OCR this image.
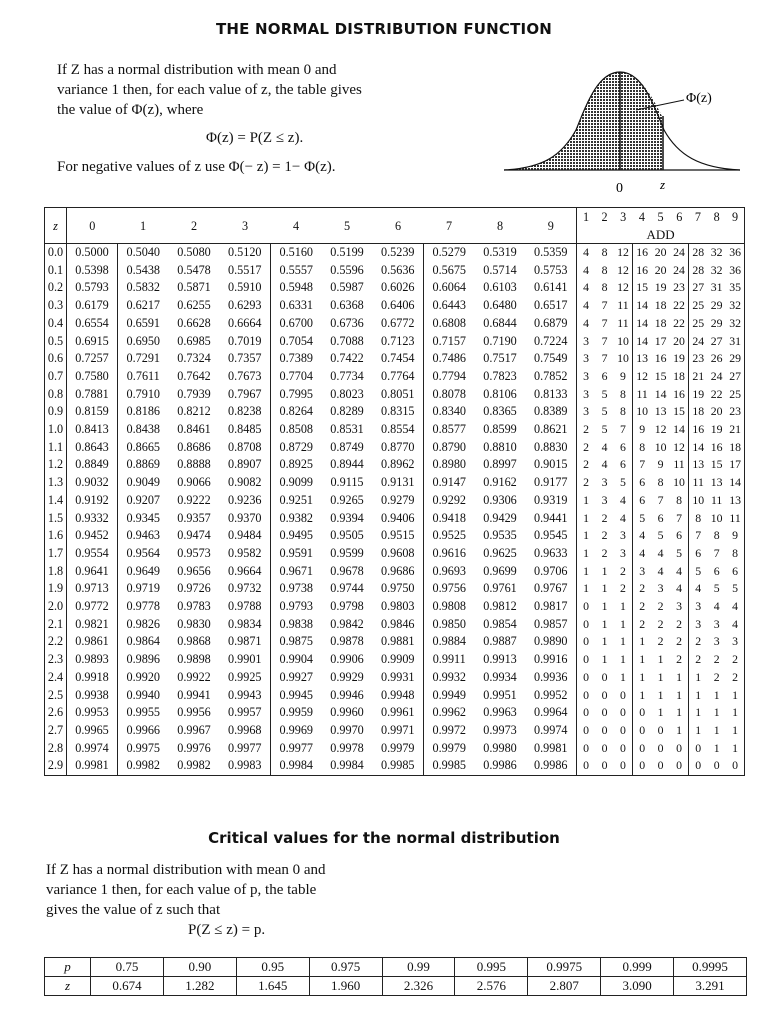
THE NORMAL DISTRIBUTION FUNCTION
If Z has a normal distribution with mean 0 and
variance 1 then, for each value of z, the table gives
the value of Φ(z), where
Φ(z) = P(Z ≤ z).
For negative values of z use Φ(− z) = 1− Φ(z).
Φ(z)
0	z
z	0	1	2	3	4	5	6	7	8	9	1	2	3	4	5	6	7	8	9
											ADD								
0.0	0.5000	0.5040	0.5080	0.5120	0.5160	0.5199	0.5239	0.5279	0.5319	0.5359	4	8	12	16	20	24	28	32	36
0.1	0.5398	0.5438	0.5478	0.5517	0.5557	0.5596	0.5636	0.5675	0.5714	0.5753	4	8	12	16	20	24	28	32	36
0.2	0.5793	0.5832	0.5871	0.5910	0.5948	0.5987	0.6026	0.6064	0.6103	0.6141	4	8	12	15	19	23	27	31	35
0.3	0.6179	0.6217	0.6255	0.6293	0.6331	0.6368	0.6406	0.6443	0.6480	0.6517	4	7	11	14	18	22	25	29	32
0.4	0.6554	0.6591	0.6628	0.6664	0.6700	0.6736	0.6772	0.6808	0.6844	0.6879	4	7	11	14	18	22	25	29	32
0.5	0.6915	0.6950	0.6985	0.7019	0.7054	0.7088	0.7123	0.7157	0.7190	0.7224	3	7	10	14	17	20	24	27	31
0.6	0.7257	0.7291	0.7324	0.7357	0.7389	0.7422	0.7454	0.7486	0.7517	0.7549	3	7	10	13	16	19	23	26	29
0.7	0.7580	0.7611	0.7642	0.7673	0.7704	0.7734	0.7764	0.7794	0.7823	0.7852	3	6	9	12	15	18	21	24	27
0.8	0.7881	0.7910	0.7939	0.7967	0.7995	0.8023	0.8051	0.8078	0.8106	0.8133	3	5	8	11	14	16	19	22	25
0.9	0.8159	0.8186	0.8212	0.8238	0.8264	0.8289	0.8315	0.8340	0.8365	0.8389	3	5	8	10	13	15	18	20	23
1.0	0.8413	0.8438	0.8461	0.8485	0.8508	0.8531	0.8554	0.8577	0.8599	0.8621	2	5	7	9	12	14	16	19	21
1.1	0.8643	0.8665	0.8686	0.8708	0.8729	0.8749	0.8770	0.8790	0.8810	0.8830	2	4	6	8	10	12	14	16	18
1.2	0.8849	0.8869	0.8888	0.8907	0.8925	0.8944	0.8962	0.8980	0.8997	0.9015	2	4	6	7	9	11	13	15	17
1.3	0.9032	0.9049	0.9066	0.9082	0.9099	0.9115	0.9131	0.9147	0.9162	0.9177	2	3	5	6	8	10	11	13	14
1.4	0.9192	0.9207	0.9222	0.9236	0.9251	0.9265	0.9279	0.9292	0.9306	0.9319	1	3	4	6	7	8	10	11	13
1.5	0.9332	0.9345	0.9357	0.9370	0.9382	0.9394	0.9406	0.9418	0.9429	0.9441	1	2	4	5	6	7	8	10	11
1.6	0.9452	0.9463	0.9474	0.9484	0.9495	0.9505	0.9515	0.9525	0.9535	0.9545	1	2	3	4	5	6	7	8	9
1.7	0.9554	0.9564	0.9573	0.9582	0.9591	0.9599	0.9608	0.9616	0.9625	0.9633	1	2	3	4	4	5	6	7	8
1.8	0.9641	0.9649	0.9656	0.9664	0.9671	0.9678	0.9686	0.9693	0.9699	0.9706	1	1	2	3	4	4	5	6	6
1.9	0.9713	0.9719	0.9726	0.9732	0.9738	0.9744	0.9750	0.9756	0.9761	0.9767	1	1	2	2	3	4	4	5	5
2.0	0.9772	0.9778	0.9783	0.9788	0.9793	0.9798	0.9803	0.9808	0.9812	0.9817	0	1	1	2	2	3	3	4	4
2.1	0.9821	0.9826	0.9830	0.9834	0.9838	0.9842	0.9846	0.9850	0.9854	0.9857	0	1	1	2	2	2	3	3	4
2.2	0.9861	0.9864	0.9868	0.9871	0.9875	0.9878	0.9881	0.9884	0.9887	0.9890	0	1	1	1	2	2	2	3	3
2.3	0.9893	0.9896	0.9898	0.9901	0.9904	0.9906	0.9909	0.9911	0.9913	0.9916	0	1	1	1	1	2	2	2	2
2.4	0.9918	0.9920	0.9922	0.9925	0.9927	0.9929	0.9931	0.9932	0.9934	0.9936	0	0	1	1	1	1	1	2	2
2.5	0.9938	0.9940	0.9941	0.9943	0.9945	0.9946	0.9948	0.9949	0.9951	0.9952	0	0	0	1	1	1	1	1	1
2.6	0.9953	0.9955	0.9956	0.9957	0.9959	0.9960	0.9961	0.9962	0.9963	0.9964	0	0	0	0	1	1	1	1	1
2.7	0.9965	0.9966	0.9967	0.9968	0.9969	0.9970	0.9971	0.9972	0.9973	0.9974	0	0	0	0	0	1	1	1	1
2.8	0.9974	0.9975	0.9976	0.9977	0.9977	0.9978	0.9979	0.9979	0.9980	0.9981	0	0	0	0	0	0	0	1	1
2.9	0.9981	0.9982	0.9982	0.9983	0.9984	0.9984	0.9985	0.9985	0.9986	0.9986	0	0	0	0	0	0	0	0	0
Critical values for the normal distribution
If Z has a normal distribution with mean 0 and
variance 1 then, for each value of p, the table
gives the value of z such that
P(Z ≤ z) = p.
p	0.75	0.90	0.95	0.975	0.99	0.995	0.9975	0.999	0.9995
z	0.674	1.282	1.645	1.960	2.326	2.576	2.807	3.090	3.291
